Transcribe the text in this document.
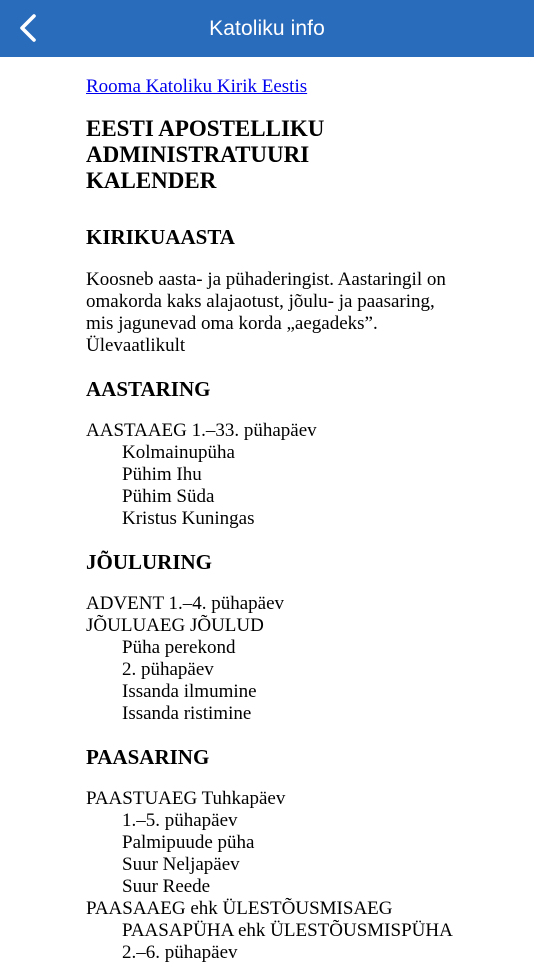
Katoliku info
Rooma Katoliku Kirik Eestis
EESTI APOSTELLIKU ADMINISTRATUURI KALENDER
KIRIKUAASTA

Koosneb aasta- ja pühaderingist. Aastaringil on omakorda kaks alajaotust, jõulu- ja paasaring, mis jagunevad oma korda „aegadeks”. Ülevaatlikult

AASTARING
AASTAAEG 1.–33. pühapäev
Kolmainupüha
Pühim Ihu
Pühim Süda
Kristus Kuningas
JÕULURING
ADVENT 1.–4. pühapäev
JÕULUAEG JÕULUD
Püha perekond
2. pühapäev
Issanda ilmumine
Issanda ristimine
PAASARING
PAASTUAEG Tuhkapäev
1.–5. pühapäev
Palmipuude püha
Suur Neljapäev
Suur Reede
PAASAAEG ehk ÜLESTÕUSMISAEG
PAASAPÜHA ehk ÜLESTÕUSMISPÜHA
2.–6. pühapäev
